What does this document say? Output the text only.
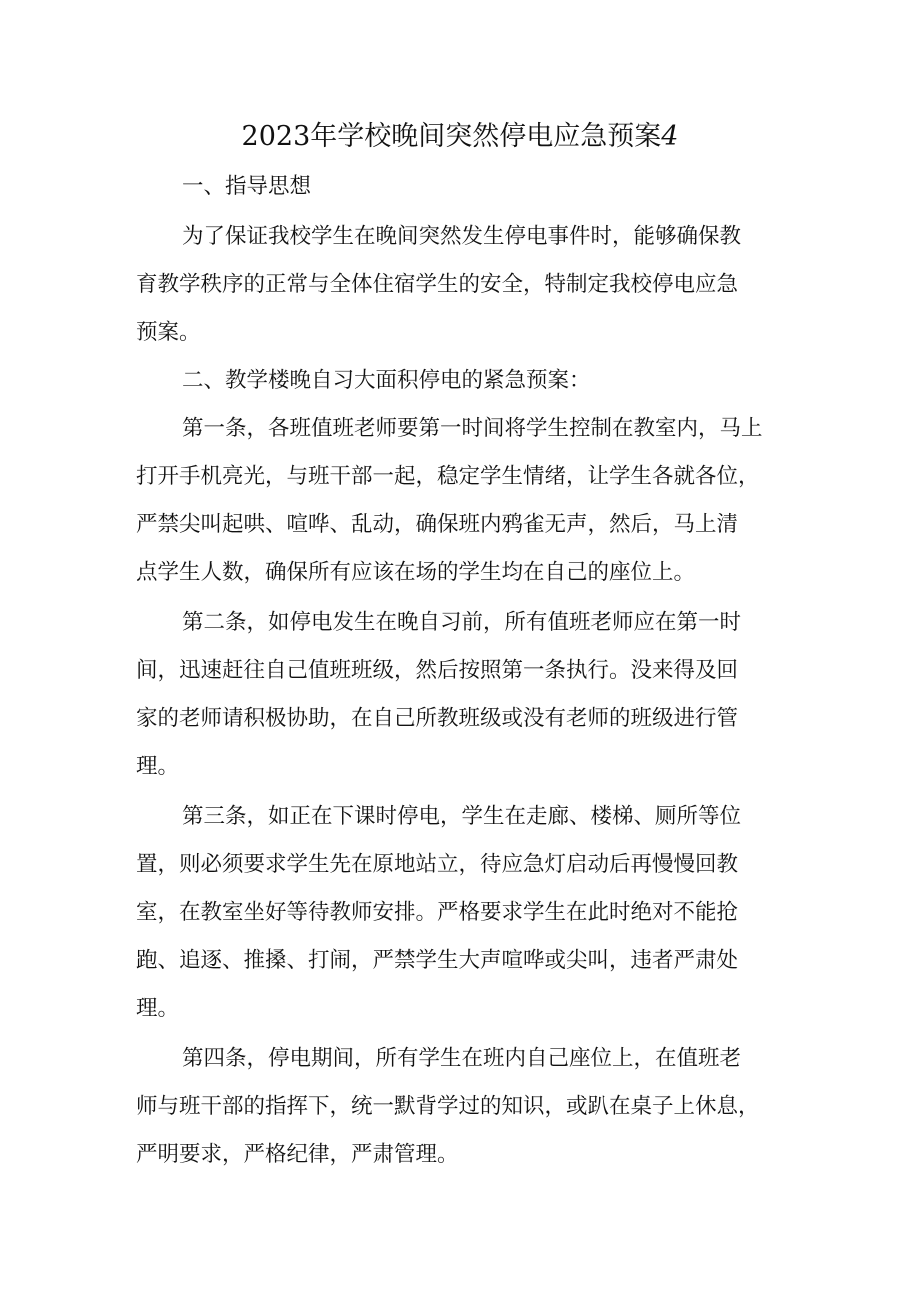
2023年学校晚间突然停电应急预案4
一、指导思想
为了保证我校学生在晚间突然发生停电事件时，能够确保教
育教学秩序的正常与全体住宿学生的安全，特制定我校停电应急
预案。
二、教学楼晚自习大面积停电的紧急预案：
第一条，各班值班老师要第一时间将学生控制在教室内，马上
打开手机亮光，与班干部一起，稳定学生情绪，让学生各就各位，
严禁尖叫起哄、喧哗、乱动，确保班内鸦雀无声，然后，马上清
点学生人数，确保所有应该在场的学生均在自己的座位上。
第二条，如停电发生在晚自习前，所有值班老师应在第一时
间，迅速赶往自己值班班级，然后按照第一条执行。没来得及回
家的老师请积极协助，在自己所教班级或没有老师的班级进行管
理。
第三条，如正在下课时停电，学生在走廊、楼梯、厕所等位
置，则必须要求学生先在原地站立，待应急灯启动后再慢慢回教
室，在教室坐好等待教师安排。严格要求学生在此时绝对不能抢
跑、追逐、推搡、打闹，严禁学生大声喧哗或尖叫，违者严肃处
理。
第四条，停电期间，所有学生在班内自己座位上，在值班老
师与班干部的指挥下，统一默背学过的知识，或趴在桌子上休息，
严明要求，严格纪律，严肃管理。
